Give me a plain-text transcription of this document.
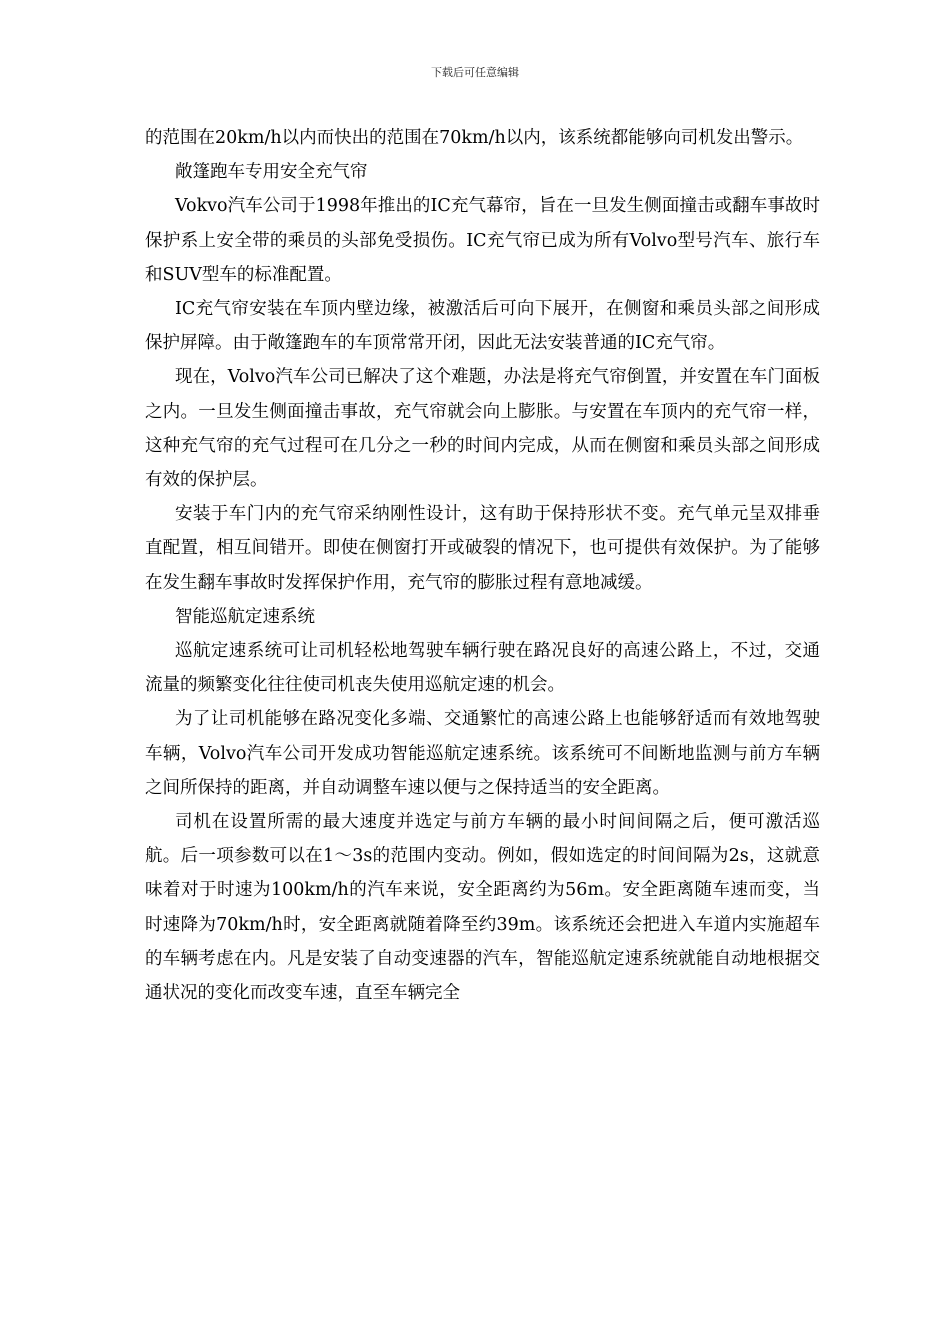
下载后可任意编辑

的范围在20km/h以内而快出的范围在70km/h以内，该系统都能够向司机发出警示。

敞篷跑车专用安全充气帘

Vokvo汽车公司于1998年推出的IC充气幕帘，旨在一旦发生侧面撞击或翻车事故时保护系上安全带的乘员的头部免受损伤。IC充气帘已成为所有Volvo型号汽车、旅行车和SUV型车的标准配置。

IC充气帘安装在车顶内壁边缘，被激活后可向下展开，在侧窗和乘员头部之间形成保护屏障。由于敞篷跑车的车顶常常开闭，因此无法安装普通的IC充气帘。

现在，Volvo汽车公司已解决了这个难题，办法是将充气帘倒置，并安置在车门面板之内。一旦发生侧面撞击事故，充气帘就会向上膨胀。与安置在车顶内的充气帘一样，这种充气帘的充气过程可在几分之一秒的时间内完成，从而在侧窗和乘员头部之间形成有效的保护层。

安装于车门内的充气帘采纳刚性设计，这有助于保持形状不变。充气单元呈双排垂直配置，相互间错开。即使在侧窗打开或破裂的情况下，也可提供有效保护。为了能够在发生翻车事故时发挥保护作用，充气帘的膨胀过程有意地减缓。

智能巡航定速系统

巡航定速系统可让司机轻松地驾驶车辆行驶在路况良好的高速公路上，不过，交通流量的频繁变化往往使司机丧失使用巡航定速的机会。

为了让司机能够在路况变化多端、交通繁忙的高速公路上也能够舒适而有效地驾驶车辆，Volvo汽车公司开发成功智能巡航定速系统。该系统可不间断地监测与前方车辆之间所保持的距离，并自动调整车速以便与之保持适当的安全距离。

司机在设置所需的最大速度并选定与前方车辆的最小时间间隔之后，便可激活巡航。后一项参数可以在1～3s的范围内变动。例如，假如选定的时间间隔为2s，这就意味着对于时速为100km/h的汽车来说，安全距离约为56m。安全距离随车速而变，当时速降为70km/h时，安全距离就随着降至约39m。该系统还会把进入车道内实施超车的车辆考虑在内。凡是安装了自动变速器的汽车，智能巡航定速系统就能自动地根据交通状况的变化而改变车速，直至车辆完全
